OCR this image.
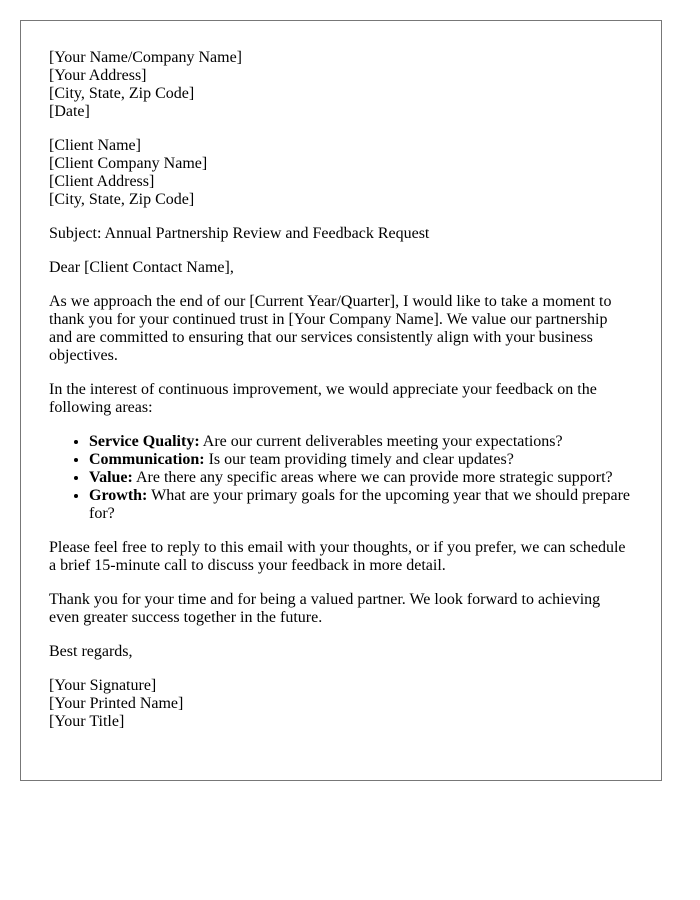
[Your Name/Company Name]
[Your Address]
[City, State, Zip Code]
[Date]

[Client Name]
[Client Company Name]
[Client Address]
[City, State, Zip Code]

Subject: Annual Partnership Review and Feedback Request

Dear [Client Contact Name],

As we approach the end of our [Current Year/Quarter], I would like to take a moment to thank you for your continued trust in [Your Company Name]. We value our partnership and are committed to ensuring that our services consistently align with your business objectives.

In the interest of continuous improvement, we would appreciate your feedback on the following areas:

• Service Quality: Are our current deliverables meeting your expectations?
• Communication: Is our team providing timely and clear updates?
• Value: Are there any specific areas where we can provide more strategic support?
• Growth: What are your primary goals for the upcoming year that we should prepare for?

Please feel free to reply to this email with your thoughts, or if you prefer, we can schedule a brief 15-minute call to discuss your feedback in more detail.

Thank you for your time and for being a valued partner. We look forward to achieving even greater success together in the future.

Best regards,

[Your Signature]
[Your Printed Name]
[Your Title]
